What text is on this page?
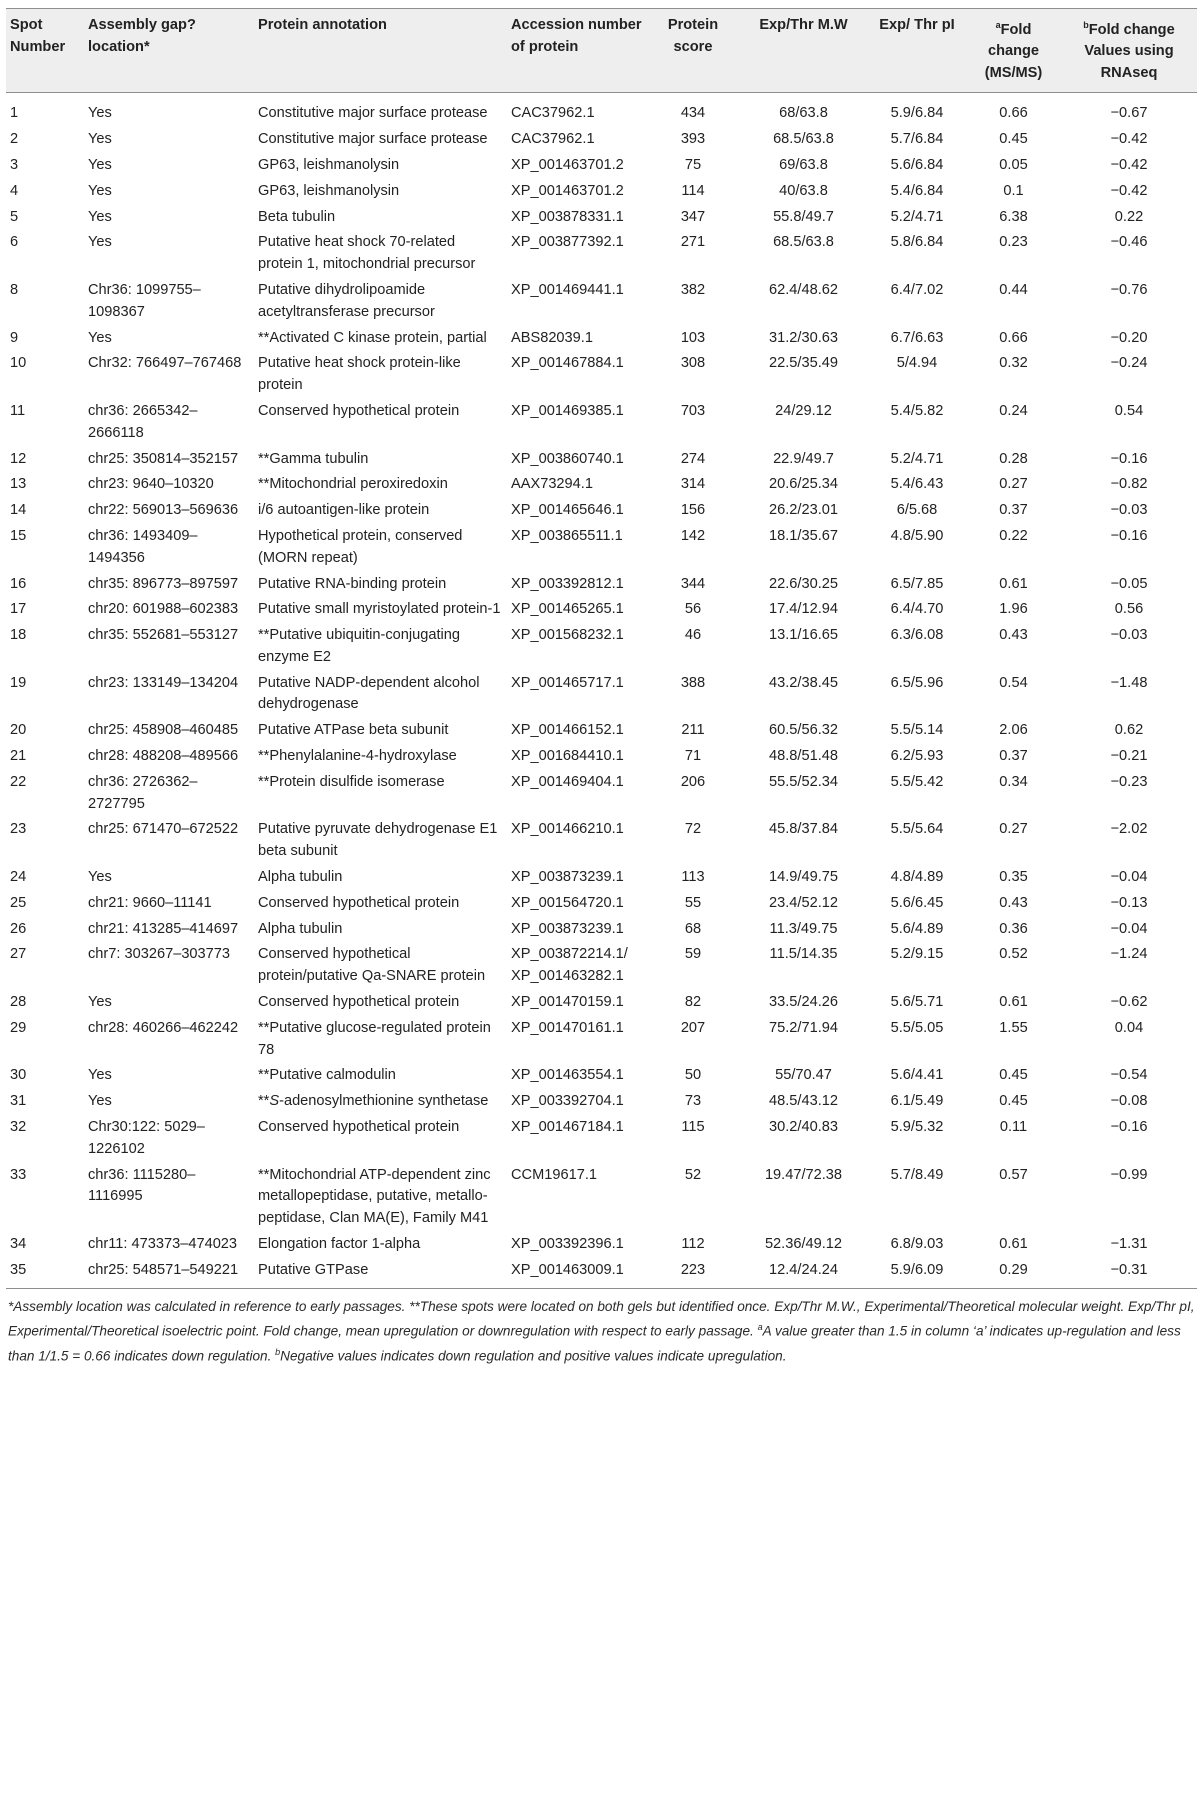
Spot Number	Assembly gap? location*	Protein annotation	Accession number of protein	Protein score	Exp/Thr M.W	Exp/ Thr pI	$^a$Fold change (MS/MS)	$^b$Fold change Values using RNAseq
1	Yes	Constitutive major surface protease	CAC37962.1	434	68/63.8	5.9/6.84	0.66	−0.67
2	Yes	Constitutive major surface protease	CAC37962.1	393	68.5/63.8	5.7/6.84	0.45	−0.42
3	Yes	GP63, leishmanolysin	XP_001463701.2	75	69/63.8	5.6/6.84	0.05	−0.42
4	Yes	GP63, leishmanolysin	XP_001463701.2	114	40/63.8	5.4/6.84	0.1	−0.42
5	Yes	Beta tubulin	XP_003878331.1	347	55.8/49.7	5.2/4.71	6.38	0.22
6	Yes	Putative heat shock 70-related protein 1, mitochondrial precursor	XP_003877392.1	271	68.5/63.8	5.8/6.84	0.23	−0.46
8	Chr36: 1099755–1098367	Putative dihydrolipoamide acetyltransferase precursor	XP_001469441.1	382	62.4/48.62	6.4/7.02	0.44	−0.76
9	Yes	**Activated C kinase protein, partial	ABS82039.1	103	31.2/30.63	6.7/6.63	0.66	−0.20
10	Chr32: 766497–767468	Putative heat shock protein-like protein	XP_001467884.1	308	22.5/35.49	5/4.94	0.32	−0.24
11	chr36: 2665342–2666118	Conserved hypothetical protein	XP_001469385.1	703	24/29.12	5.4/5.82	0.24	0.54
12	chr25: 350814–352157	**Gamma tubulin	XP_003860740.1	274	22.9/49.7	5.2/4.71	0.28	−0.16
13	chr23: 9640–10320	**Mitochondrial peroxiredoxin	AAX73294.1	314	20.6/25.34	5.4/6.43	0.27	−0.82
14	chr22: 569013–569636	i/6 autoantigen-like protein	XP_001465646.1	156	26.2/23.01	6/5.68	0.37	−0.03
15	chr36: 1493409–1494356	Hypothetical protein, conserved (MORN repeat)	XP_003865511.1	142	18.1/35.67	4.8/5.90	0.22	−0.16
16	chr35: 896773–897597	Putative RNA-binding protein	XP_003392812.1	344	22.6/30.25	6.5/7.85	0.61	−0.05
17	chr20: 601988–602383	Putative small myristoylated protein-1	XP_001465265.1	56	17.4/12.94	6.4/4.70	1.96	0.56
18	chr35: 552681–553127	**Putative ubiquitin-conjugating enzyme E2	XP_001568232.1	46	13.1/16.65	6.3/6.08	0.43	−0.03
19	chr23: 133149–134204	Putative NADP-dependent alcohol dehydrogenase	XP_001465717.1	388	43.2/38.45	6.5/5.96	0.54	−1.48
20	chr25: 458908–460485	Putative ATPase beta subunit	XP_001466152.1	211	60.5/56.32	5.5/5.14	2.06	0.62
21	chr28: 488208–489566	**Phenylalanine-4-hydroxylase	XP_001684410.1	71	48.8/51.48	6.2/5.93	0.37	−0.21
22	chr36: 2726362–2727795	**Protein disulfide isomerase	XP_001469404.1	206	55.5/52.34	5.5/5.42	0.34	−0.23
23	chr25: 671470–672522	Putative pyruvate dehydrogenase E1 beta subunit	XP_001466210.1	72	45.8/37.84	5.5/5.64	0.27	−2.02
24	Yes	Alpha tubulin	XP_003873239.1	113	14.9/49.75	4.8/4.89	0.35	−0.04
25	chr21: 9660–11141	Conserved hypothetical protein	XP_001564720.1	55	23.4/52.12	5.6/6.45	0.43	−0.13
26	chr21: 413285–414697	Alpha tubulin	XP_003873239.1	68	11.3/49.75	5.6/4.89	0.36	−0.04
27	chr7: 303267–303773	Conserved hypothetical protein/putative Qa-SNARE protein	XP_003872214.1/ XP_001463282.1	59	11.5/14.35	5.2/9.15	0.52	−1.24
28	Yes	Conserved hypothetical protein	XP_001470159.1	82	33.5/24.26	5.6/5.71	0.61	−0.62
29	chr28: 460266–462242	**Putative glucose-regulated protein 78	XP_001470161.1	207	75.2/71.94	5.5/5.05	1.55	0.04
30	Yes	**Putative calmodulin	XP_001463554.1	50	55/70.47	5.6/4.41	0.45	−0.54
31	Yes	**S-adenosylmethionine synthetase	XP_003392704.1	73	48.5/43.12	6.1/5.49	0.45	−0.08
32	Chr30:122: 5029–1226102	Conserved hypothetical protein	XP_001467184.1	115	30.2/40.83	5.9/5.32	0.11	−0.16
33	chr36: 1115280–1116995	**Mitochondrial ATP-dependent zinc metallopeptidase, putative, metallo-peptidase, Clan MA(E), Family M41	CCM19617.1	52	19.47/72.38	5.7/8.49	0.57	−0.99
34	chr11: 473373–474023	Elongation factor 1-alpha	XP_003392396.1	112	52.36/49.12	6.8/9.03	0.61	−1.31
35	chr25: 548571–549221	Putative GTPase	XP_001463009.1	223	12.4/24.24	5.9/6.09	0.29	−0.31
*Assembly location was calculated in reference to early passages. **These spots were located on both gels but identified once. Exp/Thr M.W., Experimental/Theoretical molecular weight. Exp/Thr pI, Experimental/Theoretical isoelectric point. Fold change, mean upregulation or downregulation with respect to early passage. $^a$A value greater than 1.5 in column ‘a’ indicates up-regulation and less than 1/1.5 = 0.66 indicates down regulation. $^b$Negative values indicates down regulation and positive values indicate upregulation.
